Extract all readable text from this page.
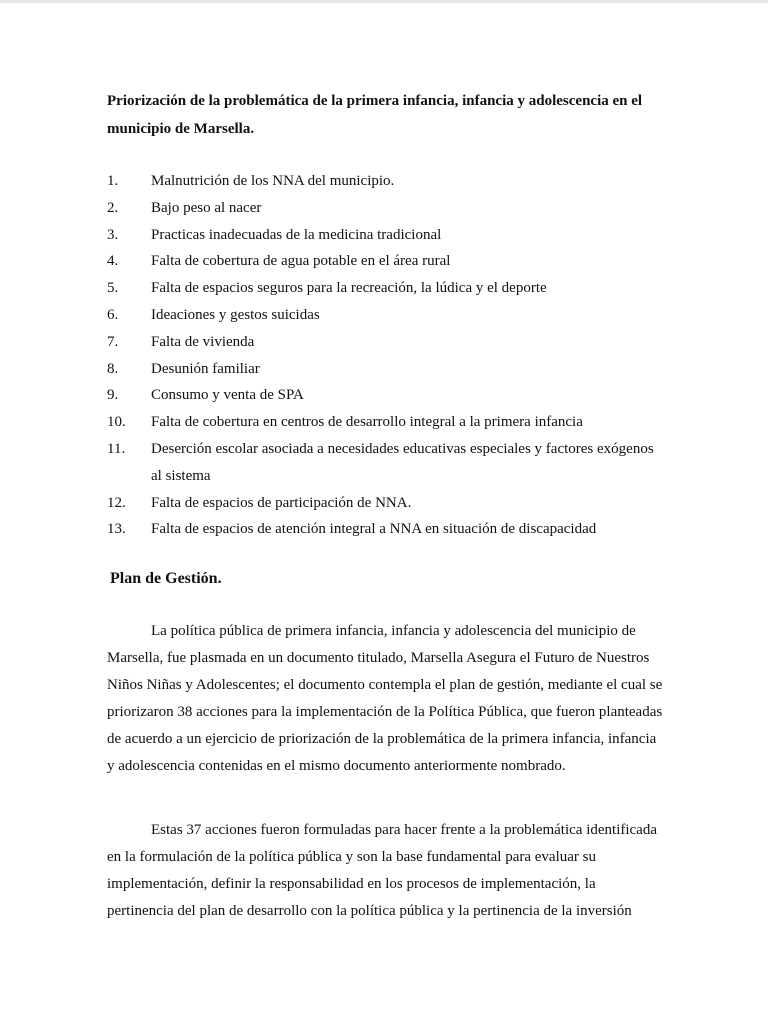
Priorización de la problemática de la primera infancia, infancia y adolescencia en el municipio de Marsella.
1. Malnutrición de los NNA del municipio.
2. Bajo peso al nacer
3. Practicas inadecuadas de la medicina tradicional
4. Falta de cobertura de agua potable en el área rural
5. Falta de espacios seguros para la recreación, la lúdica y el deporte
6. Ideaciones y gestos suicidas
7. Falta de vivienda
8. Desunión familiar
9. Consumo y venta de SPA
10. Falta de cobertura en centros de desarrollo integral a la primera infancia
11. Deserción escolar asociada a necesidades educativas especiales y factores exógenos al sistema
12. Falta de espacios de participación de NNA.
13. Falta de espacios de atención integral a NNA en situación de discapacidad
Plan de Gestión.

La política pública de primera infancia, infancia y adolescencia del municipio de Marsella, fue plasmada en un documento titulado, Marsella Asegura el Futuro de Nuestros Niños Niñas y Adolescentes; el documento contempla el plan de gestión, mediante el cual se priorizaron 38 acciones para la implementación de la Política Pública, que fueron planteadas de acuerdo a un ejercicio de priorización de la problemática de la primera infancia, infancia y adolescencia contenidas en el mismo documento anteriormente nombrado.

Estas 37 acciones fueron formuladas para hacer frente a la problemática identificada en la formulación de la política pública y son la base fundamental para evaluar su implementación, definir la responsabilidad en los procesos de implementación, la pertinencia del plan de desarrollo con la política pública y la pertinencia de la inversión
